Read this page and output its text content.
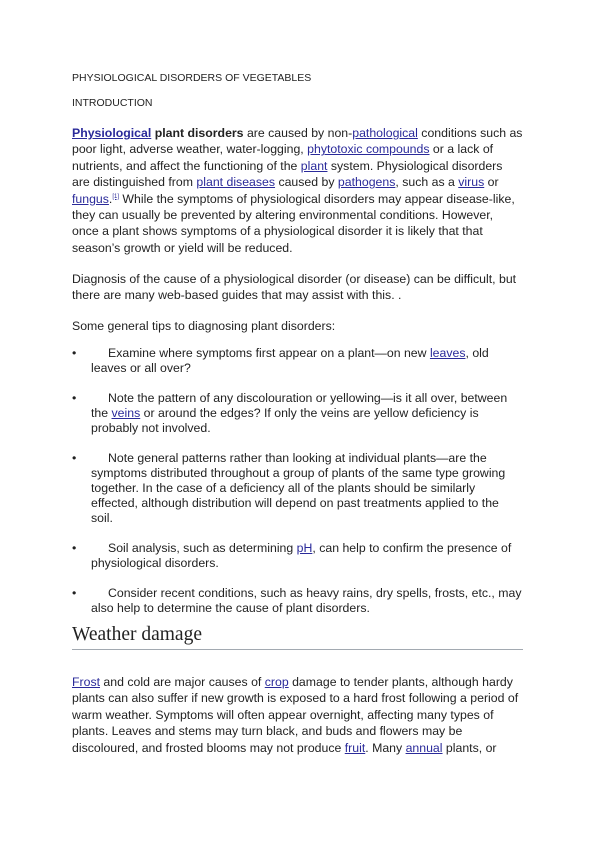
PHYSIOLOGICAL DISORDERS OF VEGETABLES
INTRODUCTION

Physiological plant disorders are caused by non-pathological conditions such as poor light, adverse weather, water-logging, phytotoxic compounds or a lack of nutrients, and affect the functioning of the plant system. Physiological disorders are distinguished from plant diseases caused by pathogens, such as a virus or fungus.[1] While the symptoms of physiological disorders may appear disease-like, they can usually be prevented by altering environmental conditions. However, once a plant shows symptoms of a physiological disorder it is likely that that season’s growth or yield will be reduced.

Diagnosis of the cause of a physiological disorder (or disease) can be difficult, but there are many web-based guides that may assist with this. .

Some general tips to diagnosing plant disorders:

•	Examine where symptoms first appear on a plant—on new leaves, old leaves or all over?
•	Note the pattern of any discolouration or yellowing—is it all over, between the veins or around the edges? If only the veins are yellow deficiency is probably not involved.
•	Note general patterns rather than looking at individual plants—are the symptoms distributed throughout a group of plants of the same type growing together. In the case of a deficiency all of the plants should be similarly effected, although distribution will depend on past treatments applied to the soil.
•	Soil analysis, such as determining pH, can help to confirm the presence of physiological disorders.
•	Consider recent conditions, such as heavy rains, dry spells, frosts, etc., may also help to determine the cause of plant disorders.
Weather damage

Frost and cold are major causes of crop damage to tender plants, although hardy plants can also suffer if new growth is exposed to a hard frost following a period of warm weather. Symptoms will often appear overnight, affecting many types of plants. Leaves and stems may turn black, and buds and flowers may be discoloured, and frosted blooms may not produce fruit. Many annual plants, or
